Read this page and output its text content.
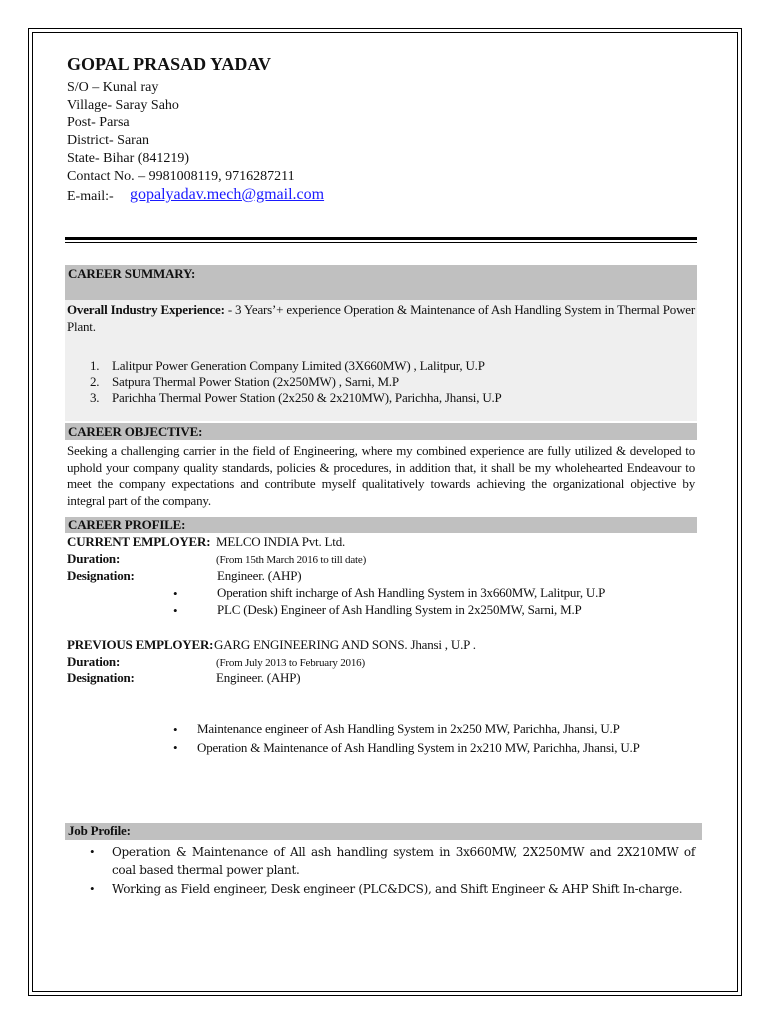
GOPAL PRASAD YADAV
S/O – Kunal ray
Village- Saray Saho
Post- Parsa
District- Saran
State- Bihar (841219)
Contact No. – 9981008119, 9716287211
E-mail:- gopalyadav.mech@gmail.com
CAREER SUMMARY:
Overall Industry Experience: - 3 Years’+ experience Operation & Maintenance of Ash Handling System in Thermal Power Plant.
1. Lalitpur Power Generation Company Limited (3X660MW) , Lalitpur, U.P
2. Satpura Thermal Power Station (2x250MW) , Sarni, M.P
3. Parichha Thermal Power Station (2x250 & 2x210MW), Parichha, Jhansi, U.P
CAREER OBJECTIVE:
Seeking a challenging carrier in the field of Engineering, where my combined experience are fully utilized & developed to uphold your company quality standards, policies & procedures, in addition that, it shall be my wholehearted Endeavour to meet the company expectations and contribute myself qualitatively towards achieving the organizational objective by integral part of the company.
CAREER PROFILE:
CURRENT EMPLOYER: MELCO INDIA Pvt. Ltd.
Duration:	(From 15th March 2016 to till date)
Designation:	Engineer. (AHP)
•	Operation shift incharge of Ash Handling System in 3x660MW, Lalitpur, U.P
•	PLC (Desk) Engineer of Ash Handling System in 2x250MW, Sarni, M.P
PREVIOUS EMPLOYER: GARG ENGINEERING AND SONS. Jhansi , U.P .
Duration:	(From July 2013 to February 2016)
Designation:	Engineer. (AHP)
• Maintenance engineer of Ash Handling System in 2x250 MW, Parichha, Jhansi, U.P
• Operation & Maintenance of Ash Handling System in 2x210 MW, Parichha, Jhansi, U.P
Job Profile:
• Operation & Maintenance of All ash handling system in 3x660MW, 2X250MW and 2X210MW of coal based thermal power plant.
• Working as Field engineer, Desk engineer (PLC&DCS), and Shift Engineer & AHP Shift In-charge.
